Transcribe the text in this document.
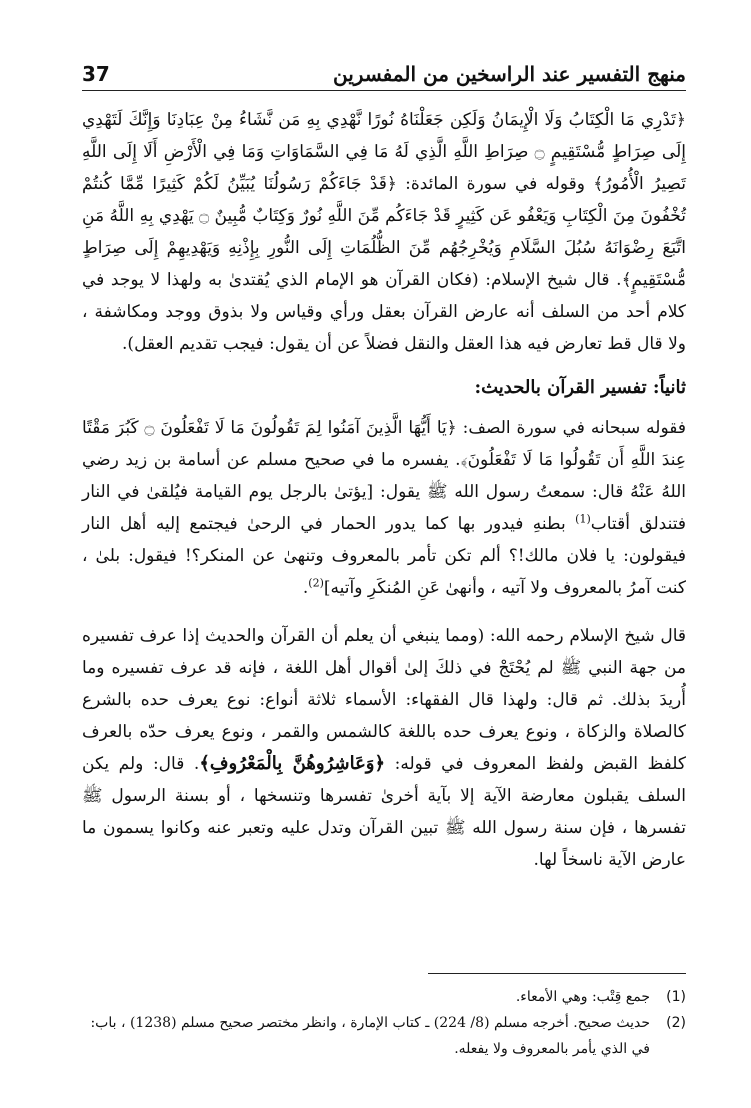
37	منهج التفسير عند الراسخين من المفسرين

﴿تَدْرِي مَا الْكِتَابُ وَلَا الْإِيمَانُ وَلَكِن جَعَلْنَاهُ نُورًا نَّهْدِي بِهِ مَن نَّشَاءُ مِنْ عِبَادِنَا وَإِنَّكَ لَتَهْدِي إِلَى صِرَاطٍ مُّسْتَقِيمٍ ۝ صِرَاطِ اللَّهِ الَّذِي لَهُ مَا فِي السَّمَاوَاتِ وَمَا فِي الْأَرْضِ أَلَا إِلَى اللَّهِ تَصِيرُ الْأُمُورُ﴾ وقوله في سورة المائدة: ﴿قَدْ جَاءَكُمْ رَسُولُنَا يُبَيِّنُ لَكُمْ كَثِيرًا مِّمَّا كُنتُمْ تُخْفُونَ مِنَ الْكِتَابِ وَيَعْفُو عَن كَثِيرٍ قَدْ جَاءَكُم مِّنَ اللَّهِ نُورٌ وَكِتَابٌ مُّبِينٌ ۝ يَهْدِي بِهِ اللَّهُ مَنِ اتَّبَعَ رِضْوَانَهُ سُبُلَ السَّلَامِ وَيُخْرِجُهُم مِّنَ الظُّلُمَاتِ إِلَى النُّورِ بِإِذْنِهِ وَيَهْدِيهِمْ إِلَى صِرَاطٍ مُّسْتَقِيمٍ﴾. قال شيخ الإسلام: (فكان القرآن هو الإمام الذي يُقتدىٰ به ولهذا لا يوجد في كلام أحد من السلف أنه عارض القرآن بعقل ورأي وقياس ولا بذوق ووجد ومكاشفة ، ولا قال قط تعارض فيه هذا العقل والنقل فضلاً عن أن يقول: فيجب تقديم العقل).

ثانياً: تفسير القرآن بالحديث:

فقوله سبحانه في سورة الصف: ﴿يَا أَيُّهَا الَّذِينَ آمَنُوا لِمَ تَقُولُونَ مَا لَا تَفْعَلُونَ ۝ كَبُرَ مَقْتًا عِندَ اللَّهِ أَن تَقُولُوا مَا لَا تَفْعَلُونَ﴾. يفسره ما في صحيح مسلم عن أسامة بن زيد رضي اللهُ عَنْهُ قال: سمعتُ رسول الله ﷺ يقول: [يؤتىٰ بالرجل يوم القيامة فيُلقىٰ في النار فتندلق أقتاب$^{(1)}$ بطنهِ فيدور بها كما يدور الحمار في الرحىٰ فيجتمع إليه أهل النار فيقولون: يا فلان مالك!؟ ألم تكن تأمر بالمعروف وتنهىٰ عن المنكر؟! فيقول: بلىٰ ، كنت آمرُ بالمعروف ولا آتيه ، وأنهىٰ عَنِ المُنكَرِ وآتيه]$^{(2)}$.

قال شيخ الإسلام رحمه الله: (ومما ينبغي أن يعلم أن القرآن والحديث إذا عرف تفسيره من جهة النبي ﷺ لم يُحْتَجْ في ذلكَ إلىٰ أقوال أهل اللغة ، فإنه قد عرف تفسيره وما أُريدَ بذلك. ثم قال: ولهذا قال الفقهاء: الأسماء ثلاثة أنواع: نوع يعرف حده بالشرع كالصلاة والزكاة ، ونوع يعرف حده باللغة كالشمس والقمر ، ونوع يعرف حدّه بالعرف كلفظ القبض ولفظ المعروف في قوله: ﴿وَعَاشِرُوهُنَّ بِالْمَعْرُوفِ﴾. قال: ولم يكن السلف يقبلون معارضة الآية إلا بآية أخرىٰ تفسرها وتنسخها ، أو بسنة الرسول ﷺ تفسرها ، فإن سنة رسول الله ﷺ تبين القرآن وتدل عليه وتعبر عنه وكانوا يسمون ما عارض الآية ناسخاً لها.

(1)
جمع قِتْب: وهي الأمعاء.
(2)
حديث صحيح. أخرجه مسلم (8/ 224) ـ كتاب الإمارة ، وانظر مختصر صحيح مسلم (1238) ، باب: في الذي يأمر بالمعروف ولا يفعله.
